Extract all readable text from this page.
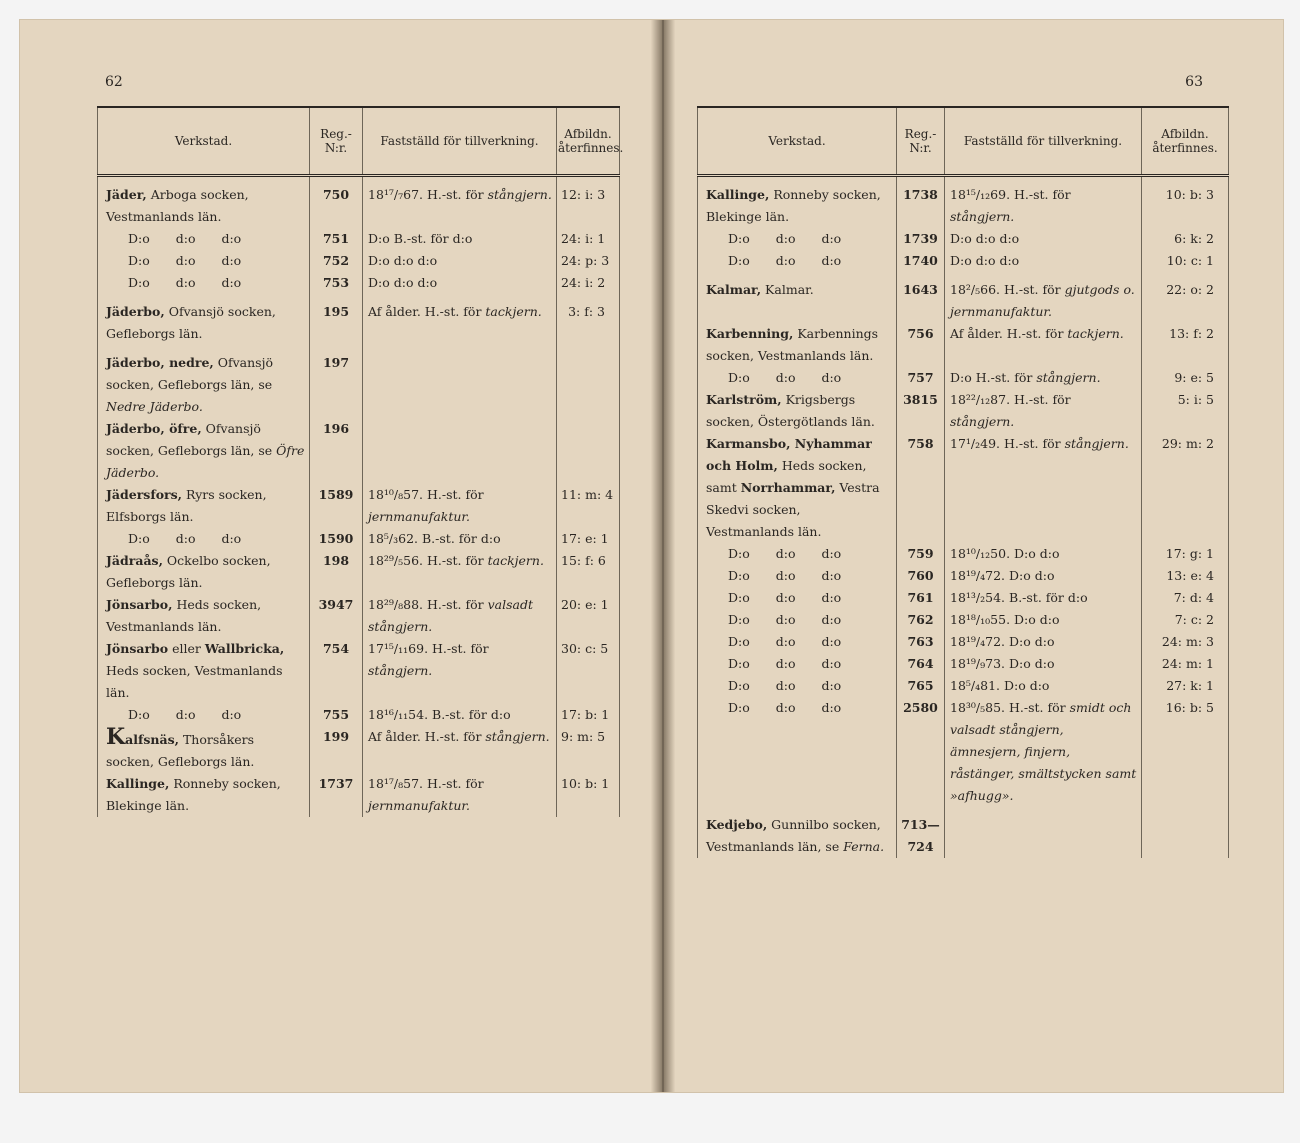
62
Verkstad.	Reg.-N:r.	Fastställd för tillverkning.	Afbildn. återfinnes.
Jäder, Arboga socken, Vestmanlands län.	750	18¹⁷/₇67. H.-st. för stångjern.	12: i: 3
D:o d:o d:o	751	D:o B.-st. för d:o	24: i: 1
D:o d:o d:o	752	D:o d:o d:o	24: p: 3
D:o d:o d:o	753	D:o d:o d:o	24: i: 2
Jäderbo, Ofvansjö socken, Gefleborgs län.	195	Af ålder. H.-st. för tackjern.	3: f: 3
Jäderbo, nedre, Ofvansjö socken, Gefleborgs län, se Nedre Jäderbo.	197		
Jäderbo, öfre, Ofvansjö socken, Gefleborgs län, se Öfre Jäderbo.	196		
Jädersfors, Ryrs socken, Elfsborgs län.	1589	18¹⁰/₈57. H.-st. för jernmanufaktur.	11: m: 4
D:o d:o d:o	1590	18⁵/₃62. B.-st. för d:o	17: e: 1
Jädraås, Ockelbo socken, Gefleborgs län.	198	18²⁹/₅56. H.-st. för tackjern.	15: f: 6
Jönsarbo, Heds socken, Vestmanlands län.	3947	18²⁹/₈88. H.-st. för valsadt stångjern.	20: e: 1
Jönsarbo eller Wallbricka, Heds socken, Vestmanlands län.	754	17¹⁵/₁₁69. H.-st. för stångjern.	30: c: 5
D:o d:o d:o	755	18¹⁶/₁₁54. B.-st. för d:o	17: b: 1
Kalfsnäs, Thorsåkers socken, Gefleborgs län.	199	Af ålder. H.-st. för stångjern.	9: m: 5
Kallinge, Ronneby socken, Blekinge län.	1737	18¹⁷/₈57. H.-st. för jernmanufaktur.	10: b: 1
63
Verkstad.	Reg.-N:r.	Fastställd för tillverkning.	Afbildn. återfinnes.
Kallinge, Ronneby socken, Blekinge län.	1738	18¹⁵/₁₂69. H.-st. för stångjern.	10: b: 3
D:o d:o d:o	1739	D:o d:o d:o	6: k: 2
D:o d:o d:o	1740	D:o d:o d:o	10: c: 1
Kalmar, Kalmar.	1643	18²/₅66. H.-st. för gjutgods o. jernmanufaktur.	22: o: 2
Karbenning, Karbennings socken, Vestmanlands län.	756	Af ålder. H.-st. för tackjern.	13: f: 2
D:o d:o d:o	757	D:o H.-st. för stångjern.	9: e: 5
Karlström, Krigsbergs socken, Östergötlands län.	3815	18²²/₁₂87. H.-st. för stångjern.	5: i: 5
Karmansbo, Nyhammar och Holm, Heds socken, samt Norrhammar, Vestra Skedvi socken, Vestmanlands län.	758	17¹/₂49. H.-st. för stångjern.	29: m: 2
D:o d:o d:o	759	18¹⁰/₁₂50. D:o d:o	17: g: 1
D:o d:o d:o	760	18¹⁹/₄72. D:o d:o	13: e: 4
D:o d:o d:o	761	18¹³/₂54. B.-st. för d:o	7: d: 4
D:o d:o d:o	762	18¹⁸/₁₀55. D:o d:o	7: c: 2
D:o d:o d:o	763	18¹⁹/₄72. D:o d:o	24: m: 3
D:o d:o d:o	764	18¹⁹/₉73. D:o d:o	24: m: 1
D:o d:o d:o	765	18⁵/₄81. D:o d:o	27: k: 1
D:o d:o d:o	2580	18³⁰/₅85. H.-st. för smidt och valsadt stångjern, ämnesjern, finjern, råstänger, smältstycken samt »afhugg».	16: b: 5
Kedjebo, Gunnilbo socken, Vestmanlands län, se Ferna.	713—724		
